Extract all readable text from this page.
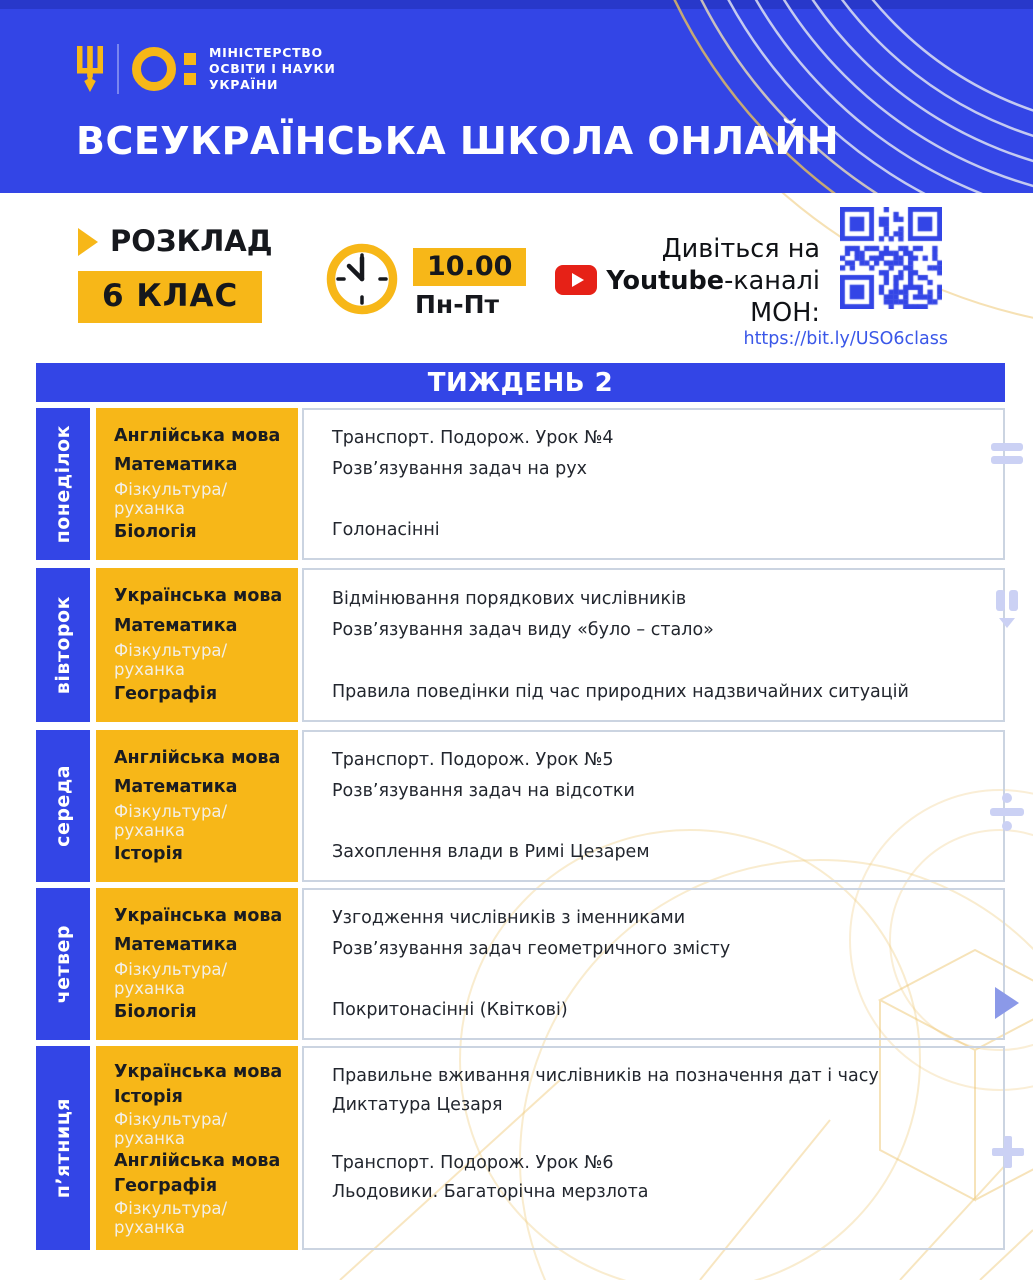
МІНІСТЕРСТВО
ОСВІТИ І НАУКИ
УКРАЇНИ
ВСЕУКРАЇНСЬКА ШКОЛА ОНЛАЙН
РОЗКЛАД
6 КЛАС
10.00
Пн-Пт
Дивіться на
Youtube-каналі
МОН:
https://bit.ly/USO6class
ТИЖДЕНЬ 2
понеділок Англійська мова
Математика
Фізкультура/руханка
Біологія
Транспорт. Подорож. Урок №4
Розв’язування задач на рух
Голонасінні
вівторок Українська мова
Математика
Фізкультура/руханка
Географія
Відмінювання порядкових числівників
Розв’язування задач виду «було – стало»
Правила поведінки під час природних надзвичайних ситуацій
середа
Англійська мова
Математика
Фізкультура/руханка
Історія
Транспорт. Подорож. Урок №5
Розв’язування задач на відсотки
Захоплення влади в Римі Цезарем
четвер
Українська мова
Математика
Фізкультура/руханка
Біологія
Узгодження числівників з іменниками
Розв’язування задач геометричного змісту
Покритонасінні (Квіткові)
п’ятниця
Українська мова
Історія
Фізкультура/руханка
Англійська мова
Географія
Фізкультура/руханка
Правильне вживання числівників на позначення дат і часу
Диктатура Цезаря
Транспорт. Подорож. Урок №6
Льодовики. Багаторічна мерзлота
